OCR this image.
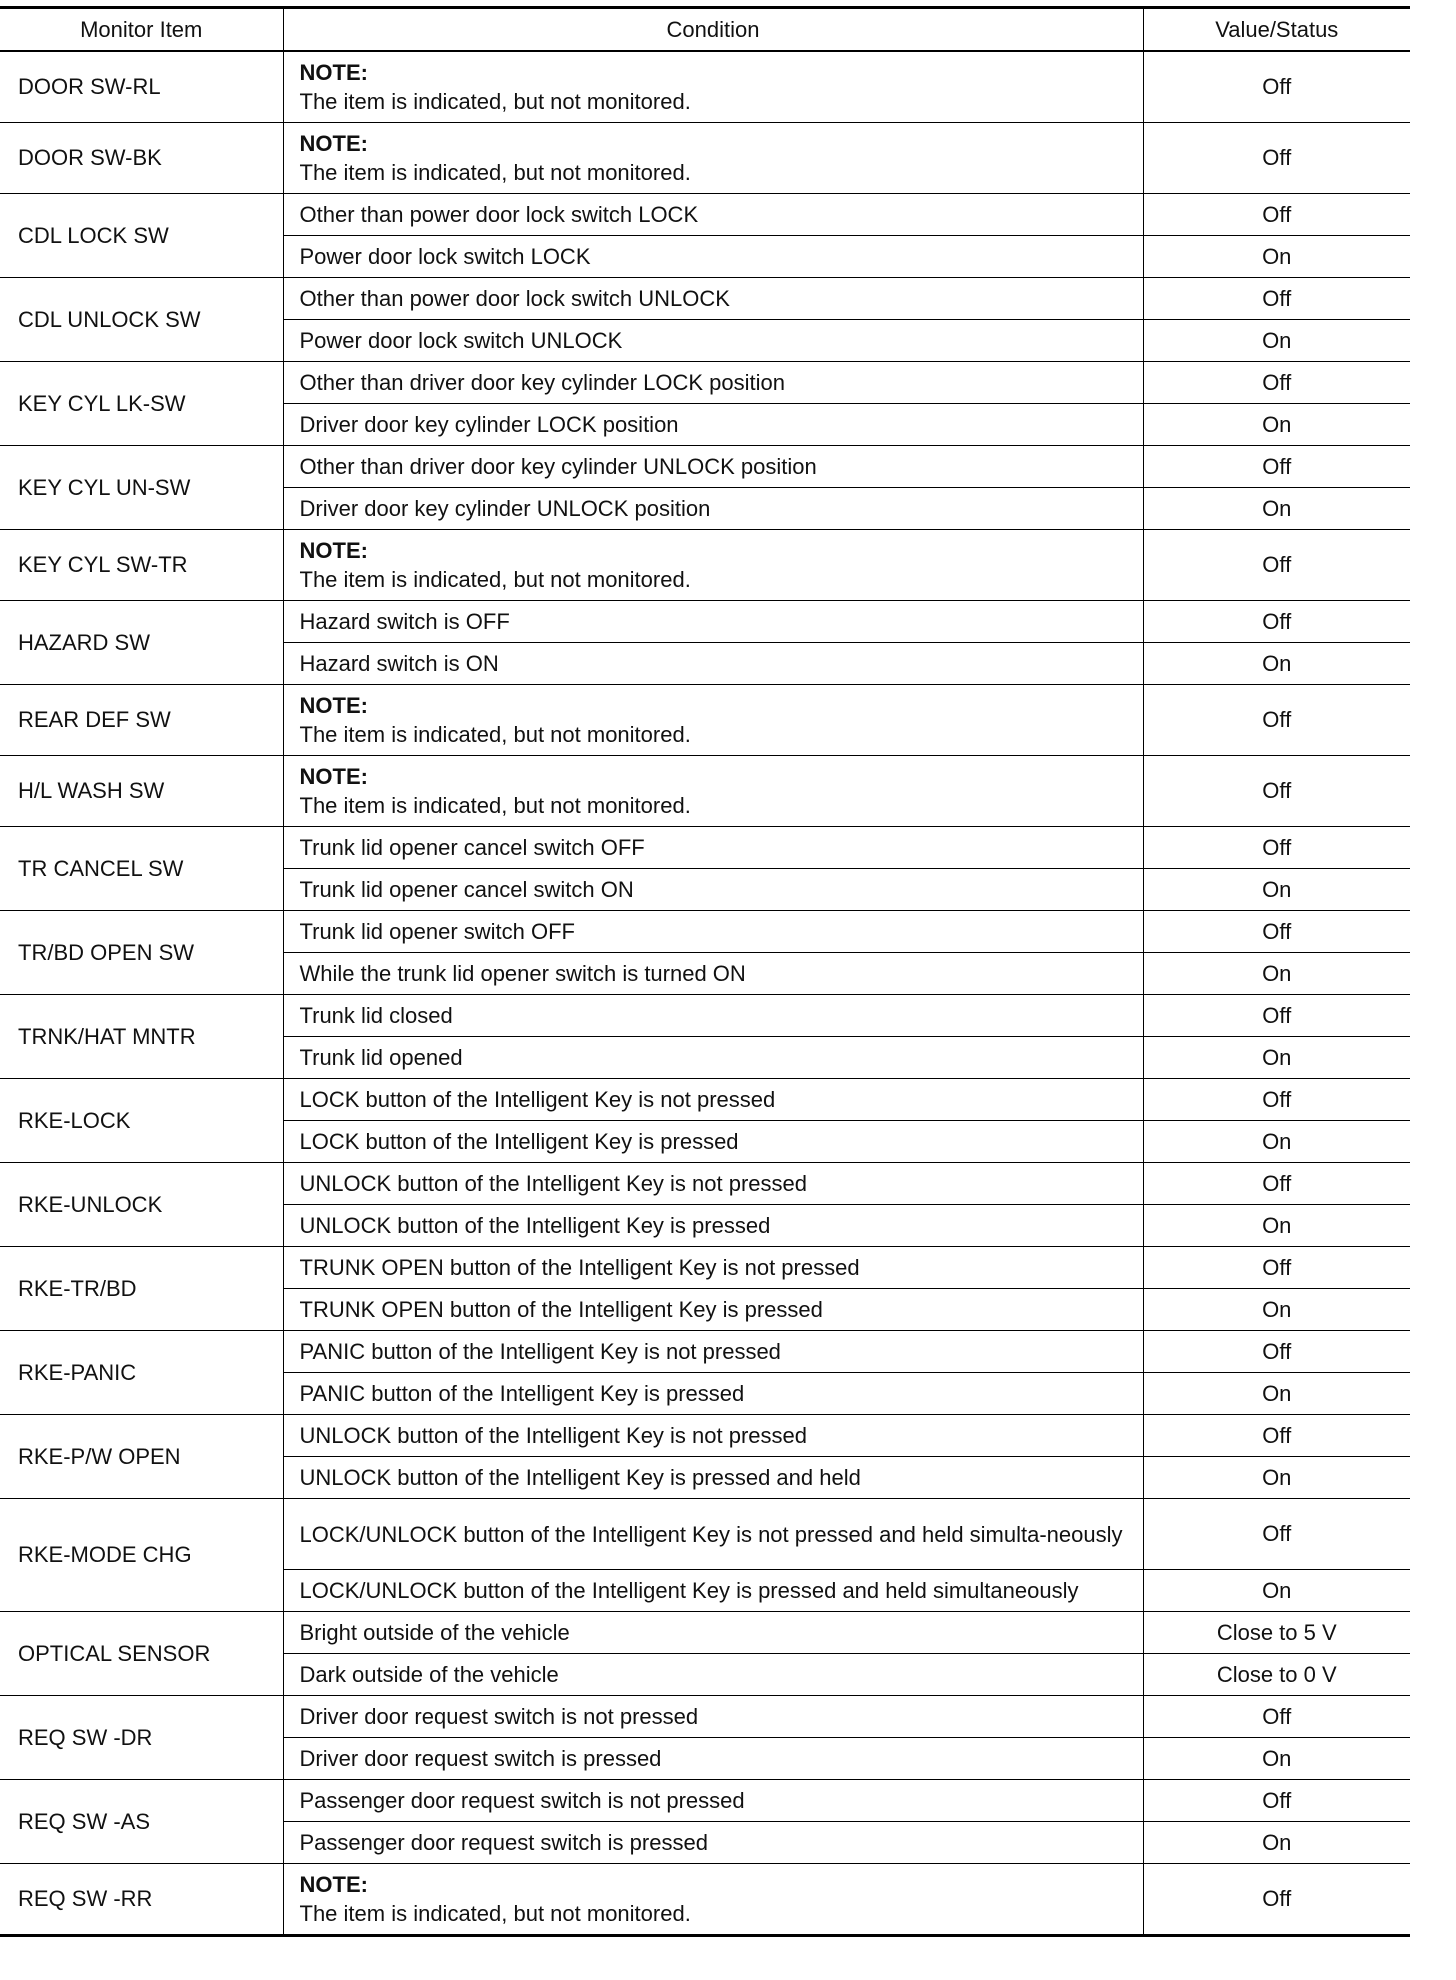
Monitor Item	Condition	Value/Status
DOOR SW-RL	NOTE:
The item is indicated, but not monitored.	Off
DOOR SW-BK	NOTE:
The item is indicated, but not monitored.	Off
CDL LOCK SW	Other than power door lock switch LOCK	Off
	Power door lock switch LOCK	On
CDL UNLOCK SW	Other than power door lock switch UNLOCK	Off
	Power door lock switch UNLOCK	On
KEY CYL LK-SW	Other than driver door key cylinder LOCK position	Off
	Driver door key cylinder LOCK position	On
KEY CYL UN-SW	Other than driver door key cylinder UNLOCK position	Off
	Driver door key cylinder UNLOCK position	On
KEY CYL SW-TR	NOTE:
The item is indicated, but not monitored.	Off
HAZARD SW	Hazard switch is OFF	Off
	Hazard switch is ON	On
REAR DEF SW	NOTE:
The item is indicated, but not monitored.	Off
H/L WASH SW	NOTE:
The item is indicated, but not monitored.	Off
TR CANCEL SW	Trunk lid opener cancel switch OFF	Off
	Trunk lid opener cancel switch ON	On
TR/BD OPEN SW	Trunk lid opener switch OFF	Off
	While the trunk lid opener switch is turned ON	On
TRNK/HAT MNTR	Trunk lid closed	Off
	Trunk lid opened	On
RKE-LOCK	LOCK button of the Intelligent Key is not pressed	Off
	LOCK button of the Intelligent Key is pressed	On
RKE-UNLOCK	UNLOCK button of the Intelligent Key is not pressed	Off
	UNLOCK button of the Intelligent Key is pressed	On
RKE-TR/BD	TRUNK OPEN button of the Intelligent Key is not pressed	Off
	TRUNK OPEN button of the Intelligent Key is pressed	On
RKE-PANIC	PANIC button of the Intelligent Key is not pressed	Off
	PANIC button of the Intelligent Key is pressed	On
RKE-P/W OPEN	UNLOCK button of the Intelligent Key is not pressed	Off
	UNLOCK button of the Intelligent Key is pressed and held	On
RKE-MODE CHG	LOCK/UNLOCK button of the Intelligent Key is not pressed and held simulta-neously	Off
	LOCK/UNLOCK button of the Intelligent Key is pressed and held simultaneously	On
OPTICAL SENSOR	Bright outside of the vehicle	Close to 5 V
	Dark outside of the vehicle	Close to 0 V
REQ SW -DR	Driver door request switch is not pressed	Off
	Driver door request switch is pressed	On
REQ SW -AS	Passenger door request switch is not pressed	Off
	Passenger door request switch is pressed	On
REQ SW -RR	NOTE:
The item is indicated, but not monitored.	Off
